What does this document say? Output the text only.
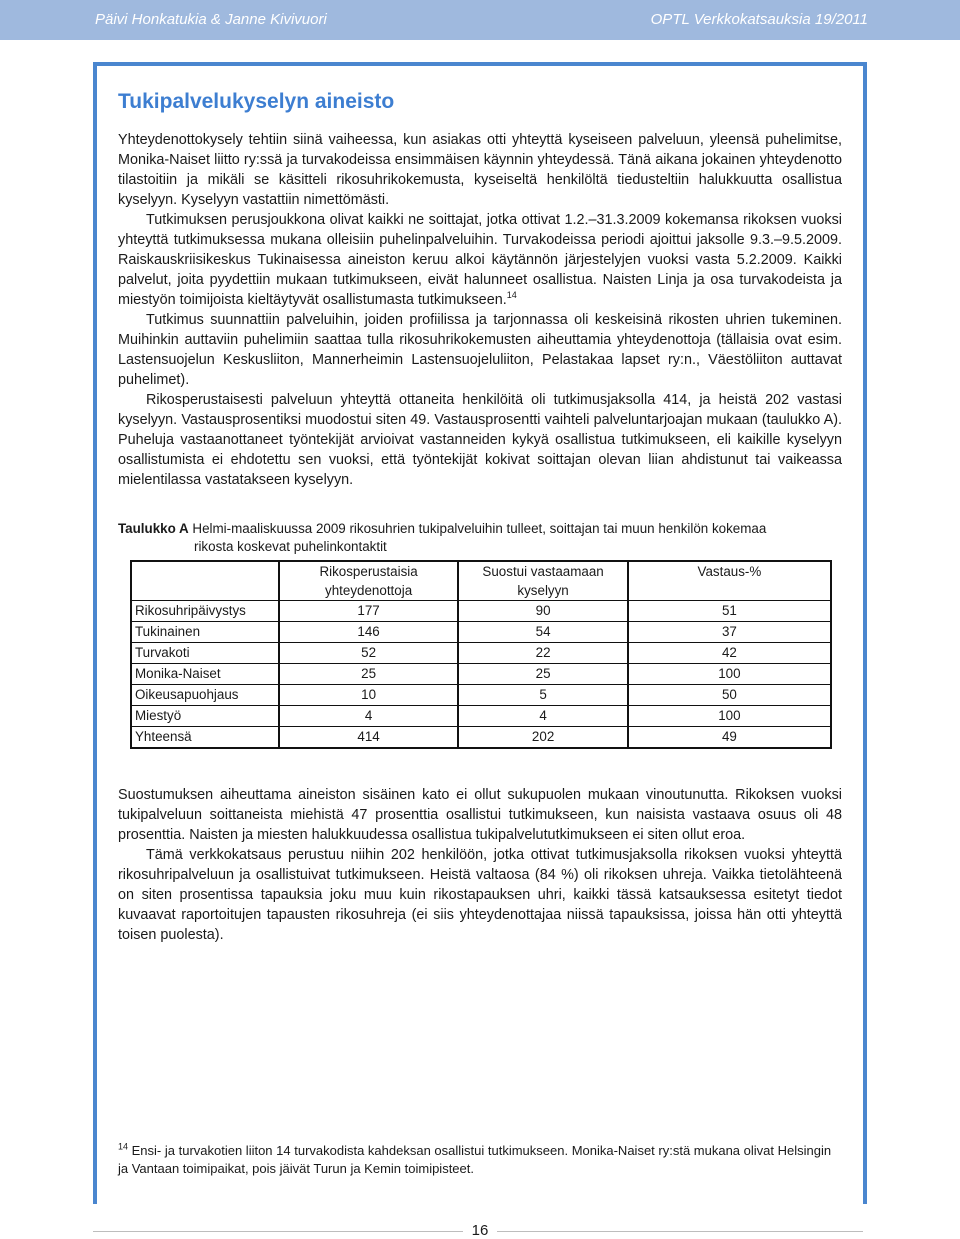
Päivi Honkatukia & Janne Kivivuori	OPTL Verkkokatsauksia 19/2011
Tukipalvelukyselyn aineisto

Yhteydenottokysely tehtiin siinä vaiheessa, kun asiakas otti yhteyttä kyseiseen palveluun, yleensä puhelimitse, Monika-Naiset liitto ry:ssä ja turvakodeissa ensimmäisen käynnin yhteydessä. Tänä aikana jokainen yhteydenotto tilastoitiin ja mikäli se käsitteli rikosuhrikokemusta, kyseiseltä henkilöltä tiedusteltiin halukkuutta osallistua kyselyyn. Kyselyyn vastattiin nimettömästi.

Tutkimuksen perusjoukkona olivat kaikki ne soittajat, jotka ottivat 1.2.–31.3.2009 kokemansa rikoksen vuoksi yhteyttä tutkimuksessa mukana olleisiin puhelinpalveluihin. Turvakodeissa periodi ajoittui jaksolle 9.3.–9.5.2009. Raiskauskriisikeskus Tukinaisessa aineiston keruu alkoi käytännön järjestelyjen vuoksi vasta 5.2.2009. Kaikki palvelut, joita pyydettiin mukaan tutkimukseen, eivät halunneet osallistua. Naisten Linja ja osa turvakodeista ja miestyön toimijoista kieltäytyvät osallistumasta tutkimukseen.$^{14}$

Tutkimus suunnattiin palveluihin, joiden profiilissa ja tarjonnassa oli keskeisinä rikosten uhrien tukeminen. Muihinkin auttaviin puhelimiin saattaa tulla rikosuhrikokemusten aiheuttamia yhteydenottoja (tällaisia ovat esim. Lastensuojelun Keskusliiton, Mannerheimin Lastensuojeluliiton, Pelastakaa lapset ry:n., Väestöliiton auttavat puhelimet).

Rikosperustaisesti palveluun yhteyttä ottaneita henkilöitä oli tutkimusjaksolla 414, ja heistä 202 vastasi kyselyyn. Vastausprosentiksi muodostui siten 49. Vastausprosentti vaihteli palveluntarjoajan mukaan (taulukko A). Puheluja vastaanottaneet työntekijät arvioivat vastanneiden kykyä osallistua tutkimukseen, eli kaikille kyselyyn osallistumista ei ehdotettu sen vuoksi, että työntekijät kokivat soittajan olevan liian ahdistunut tai vaikeassa mielentilassa vastatakseen kyselyyn.

Taulukko A Helmi-maaliskuussa 2009 rikosuhrien tukipalveluihin tulleet, soittajan tai muun henkilön kokemaa
rikosta koskevat puhelinkontaktit
	Rikosperustaisia	Suostui vastaamaan	Vastaus-%
	yhteydenottoja	kyselyyn	
Rikosuhripäivystys	177	90	51
Tukinainen	146	54	37
Turvakoti	52	22	42
Monika-Naiset	25	25	100
Oikeusapuohjaus	10	5	50
Miestyö	4	4	100
Yhteensä	414	202	49

Suostumuksen aiheuttama aineiston sisäinen kato ei ollut sukupuolen mukaan vinoutunutta. Rikoksen vuoksi tukipalveluun soittaneista miehistä 47 prosenttia osallistui tutkimukseen, kun naisista vastaava osuus oli 48 prosenttia. Naisten ja miesten halukkuudessa osallistua tukipalvelututkimukseen ei siten ollut eroa.

Tämä verkkokatsaus perustuu niihin 202 henkilöön, jotka ottivat tutkimusjaksolla rikoksen vuoksi yhteyttä rikosuhripalveluun ja osallistuivat tutkimukseen. Heistä valtaosa (84 %) oli rikoksen uhreja. Vaikka tietolähteenä on siten prosentissa tapauksia joku muu kuin rikostapauksen uhri, kaikki tässä katsauksessa esitetyt tiedot kuvaavat raportoitujen tapausten rikosuhreja (ei siis yhteydenottajaa niissä tapauksissa, joissa hän otti yhteyttä toisen puolesta).

$^{14}$ Ensi- ja turvakotien liiton 14 turvakodista kahdeksan osallistui tutkimukseen. Monika-Naiset ry:stä mukana olivat Helsingin ja Vantaan toimipaikat, pois jäivät Turun ja Kemin toimipisteet.
16
